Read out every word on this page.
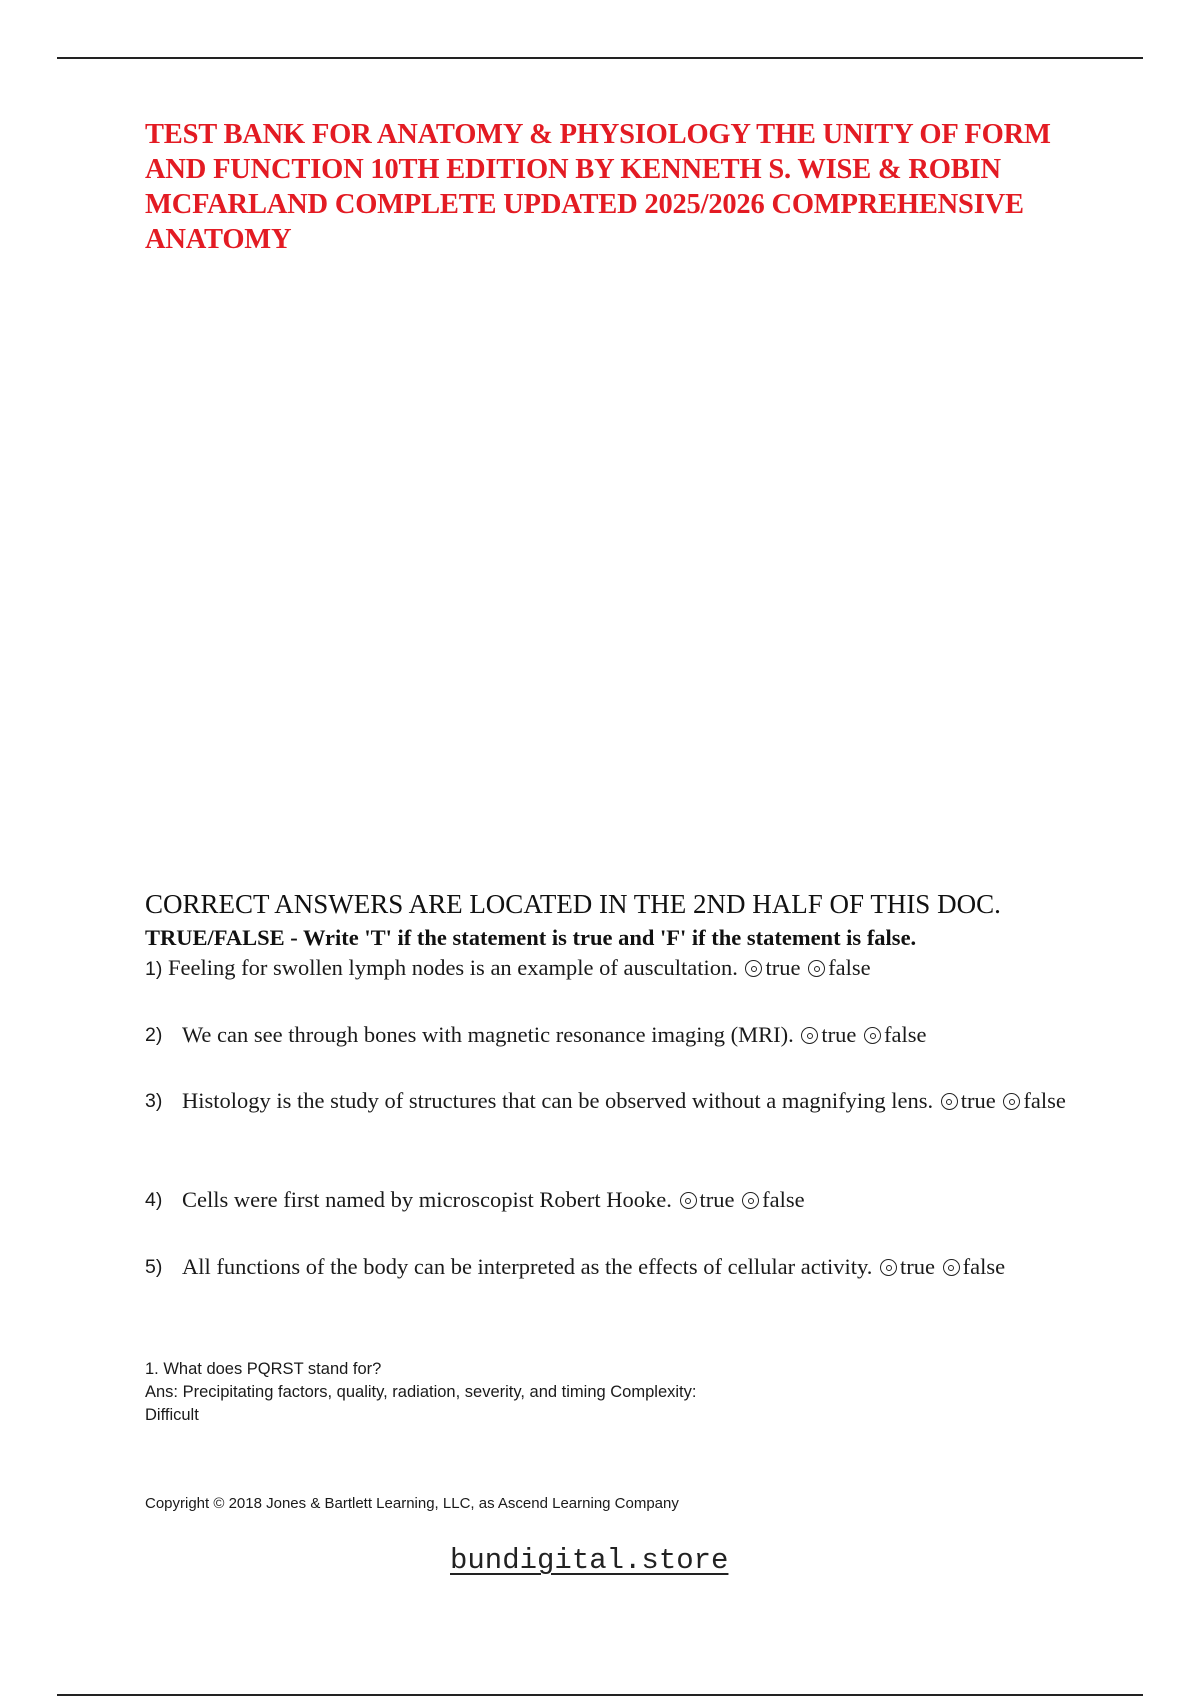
TEST BANK FOR ANATOMY & PHYSIOLOGY THE UNITY OF FORM AND FUNCTION 10TH EDITION BY KENNETH S. WISE & ROBIN MCFARLAND COMPLETE UPDATED 2025/2026 COMPREHENSIVE ANATOMY

CORRECT ANSWERS ARE LOCATED IN THE 2ND HALF OF THIS DOC.

TRUE/FALSE - Write 'T' if the statement is true and 'F' if the statement is false.

1) Feeling for swollen lymph nodes is an example of auscultation. true false
2) We can see through bones with magnetic resonance imaging (MRI). true false
3) Histology is the study of structures that can be observed without a magnifying lens. true false
4) Cells were first named by microscopist Robert Hooke. true false
5) All functions of the body can be interpreted as the effects of cellular activity. true false
1. What does PQRST stand for?
Ans: Precipitating factors, quality, radiation, severity, and timing Complexity:
Difficult
Copyright © 2018 Jones & Bartlett Learning, LLC, as Ascend Learning Company
bundigital.store
